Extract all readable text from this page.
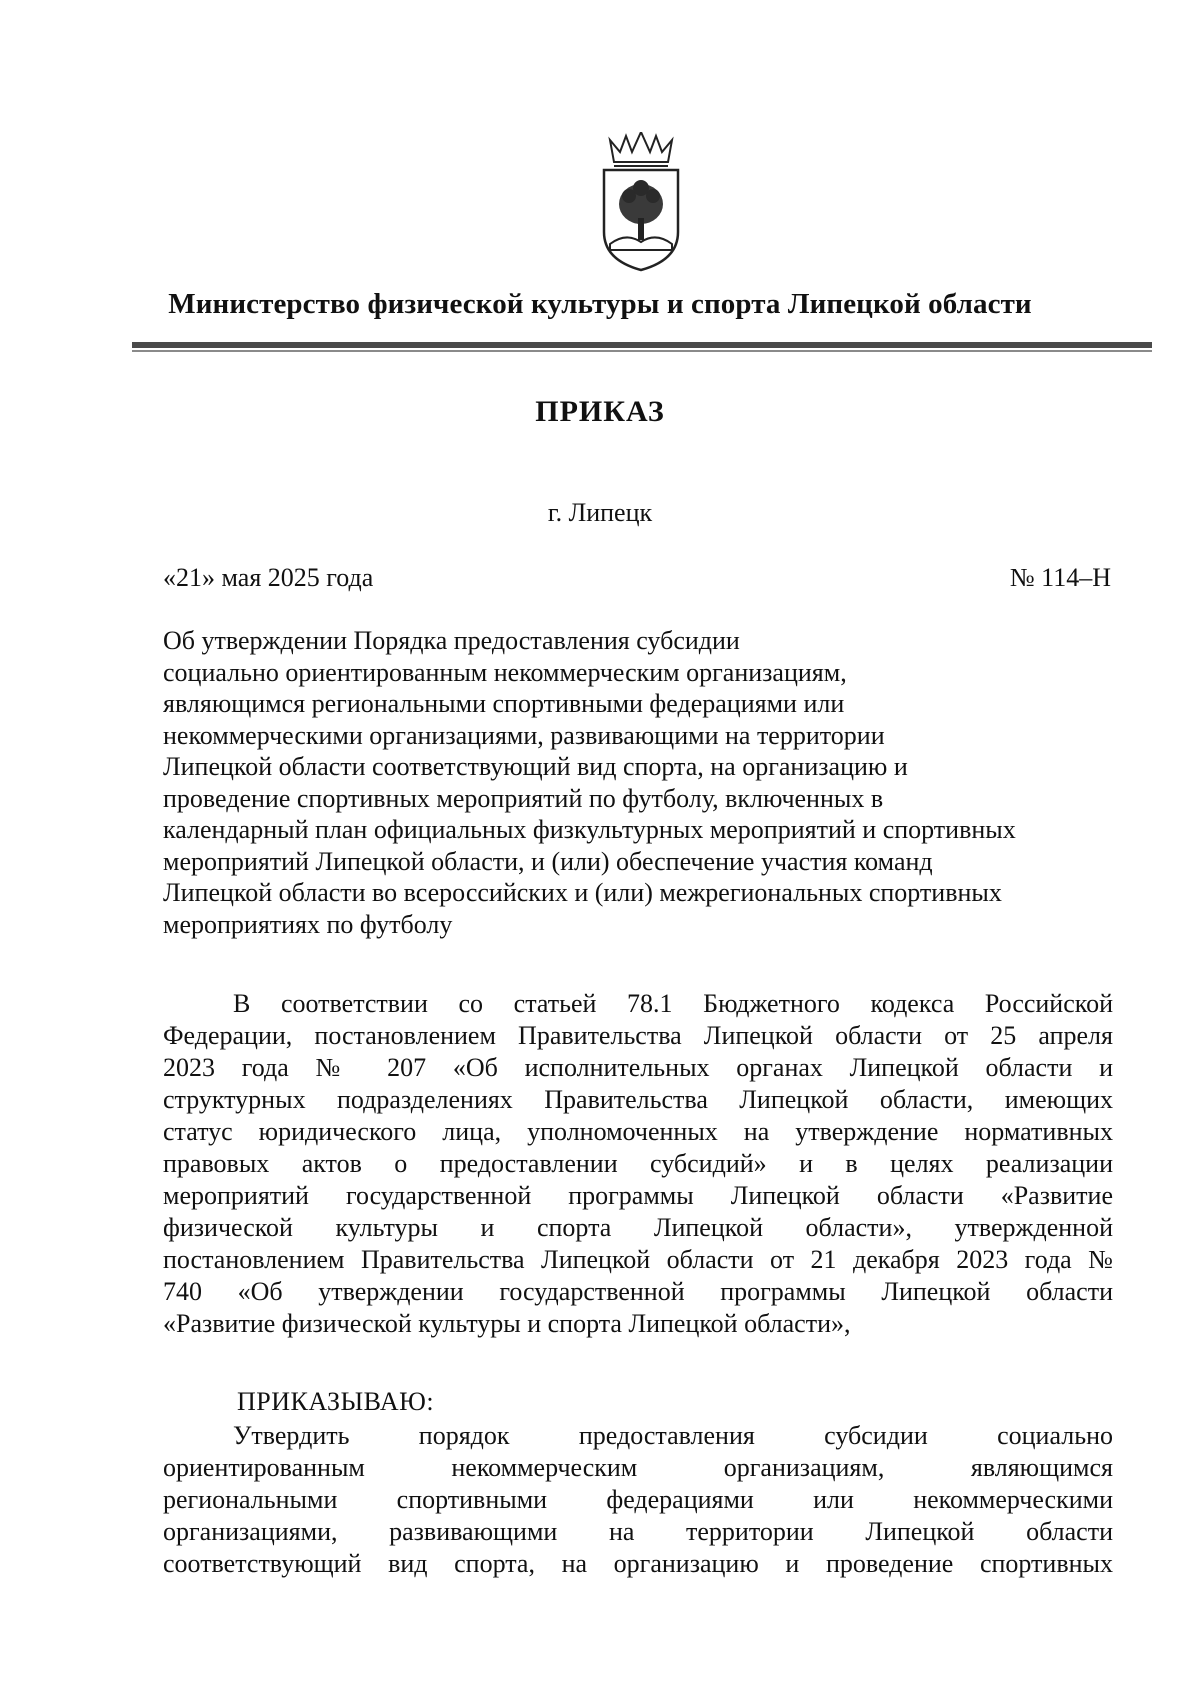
Министерство физической культуры и спорта Липецкой области
ПРИКАЗ
г. Липецк
«21» мая 2025 года	№ 114–Н
Об утверждении Порядка предоставления субсидии
социально ориентированным некоммерческим организациям,
являющимся региональными спортивными федерациями или
некоммерческими организациями, развивающими на территории
Липецкой области соответствующий вид спорта, на организацию и
проведение спортивных мероприятий по футболу, включенных в
календарный план официальных физкультурных мероприятий и спортивных
мероприятий Липецкой области, и (или) обеспечение участия команд
Липецкой области во всероссийских и (или) межрегиональных спортивных
мероприятиях по футболу
В соответствии со статьей 78.1 Бюджетного кодекса Российской
Федерации, постановлением Правительства Липецкой области от 25 апреля
2023 года № 207 «Об исполнительных органах Липецкой области и
структурных подразделениях Правительства Липецкой области, имеющих
статус юридического лица, уполномоченных на утверждение нормативных
правовых актов о предоставлении субсидий» и в целях реализации
мероприятий государственной программы Липецкой области «Развитие
физической культуры и спорта Липецкой области», утвержденной
постановлением Правительства Липецкой области от 21 декабря 2023 года №
740 «Об утверждении государственной программы Липецкой области
«Развитие физической культуры и спорта Липецкой области»,
ПРИКАЗЫВАЮ:
Утвердить порядок предоставления субсидии социально
ориентированным некоммерческим организациям, являющимся
региональными спортивными федерациями или некоммерческими
организациями, развивающими на территории Липецкой области
соответствующий вид спорта, на организацию и проведение спортивных
